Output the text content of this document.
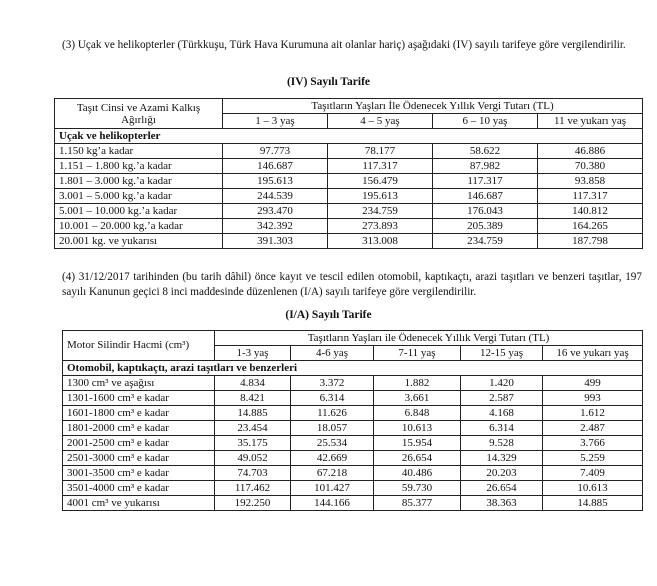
(3) Uçak ve helikopterler (Türkkuşu, Türk Hava Kurumuna ait olanlar hariç) aşağıdaki (IV) sayılı tarifeye göre vergilendirilir.
(IV) Sayılı Tarife
Taşıt Cinsi ve Azami Kalkış Ağırlığı	Taşıtların Yaşları İle Ödenecek Yıllık Vergi Tutarı (TL)			
	1 – 3 yaş	4 – 5 yaş	6 – 10 yaş	11 ve yukarı yaş
Uçak ve helikopterler				
1.150 kg’a kadar	97.773	78.177	58.622	46.886
1.151 – 1.800 kg.’a kadar	146.687	117.317	87.982	70.380
1.801 – 3.000 kg.’a kadar	195.613	156.479	117.317	93.858
3.001 – 5.000 kg.’a kadar	244.539	195.613	146.687	117.317
5.001 – 10.000 kg.’a kadar	293.470	234.759	176.043	140.812
10.001 – 20.000 kg.’a kadar	342.392	273.893	205.389	164.265
20.001 kg. ve yukarısı	391.303	313.008	234.759	187.798
(4) 31/12/2017 tarihinden (bu tarih dâhil) önce kayıt ve tescil edilen otomobil, kaptıkaçtı, arazi taşıtları ve benzeri taşıtlar, 197 sayılı Kanunun geçici 8 inci maddesinde düzenlenen (I/A) sayılı tarifeye göre vergilendirilir.
(I/A) Sayılı Tarife
Motor Silindir Hacmi (cm³)	Taşıtların Yaşları ile Ödenecek Yıllık Vergi Tutarı (TL)				
	1-3 yaş	4-6 yaş	7-11 yaş	12-15 yaş	16 ve yukarı yaş
Otomobil, kaptıkaçtı, arazi taşıtları ve benzerleri					
1300 cm³ ve aşağısı	4.834	3.372	1.882	1.420	499
1301-1600 cm³ e kadar	8.421	6.314	3.661	2.587	993
1601-1800 cm³ e kadar	14.885	11.626	6.848	4.168	1.612
1801-2000 cm³ e kadar	23.454	18.057	10.613	6.314	2.487
2001-2500 cm³ e kadar	35.175	25.534	15.954	9.528	3.766
2501-3000 cm³ e kadar	49.052	42.669	26.654	14.329	5.259
3001-3500 cm³ e kadar	74.703	67.218	40.486	20.203	7.409
3501-4000 cm³ e kadar	117.462	101.427	59.730	26.654	10.613
4001 cm³ ve yukarısı	192.250	144.166	85.377	38.363	14.885
